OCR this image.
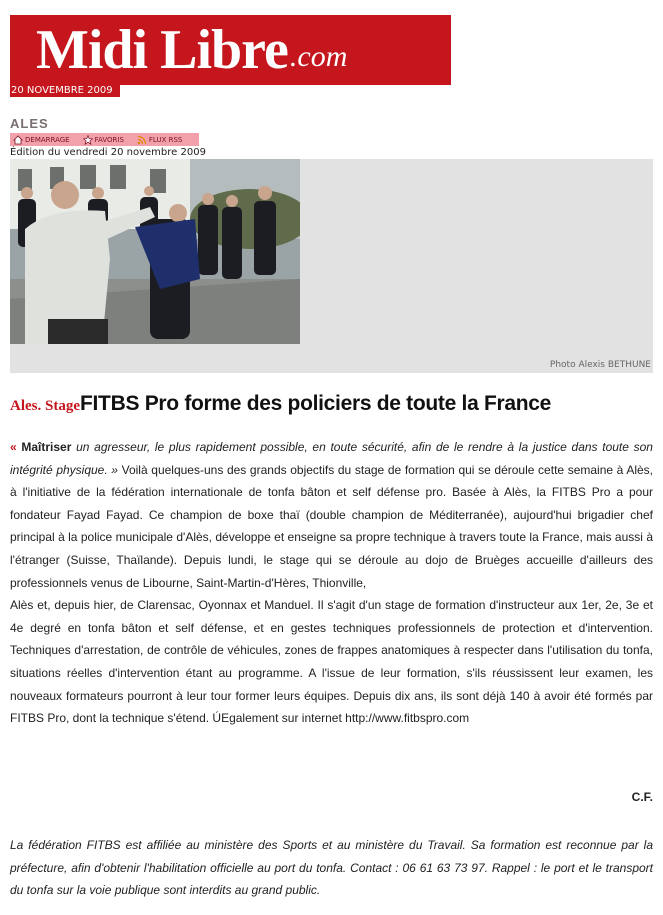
Midi Libre .com
20 NOVEMBRE 2009
ALES
DEMARRAGE	FAVORIS	FLUX RSS
Édition du vendredi 20 novembre 2009
Photo Alexis BETHUNE
Ales. StageFITBS Pro forme des policiers de toute la France

« Maîtriser un agresseur, le plus rapidement possible, en toute sécurité, afin de le rendre à la justice dans toute son intégrité physique. » Voilà quelques-uns des grands objectifs du stage de formation qui se déroule cette semaine à Alès, à l'initiative de la fédération internationale de tonfa bâton et self défense pro. Basée à Alès, la FITBS Pro a pour fondateur Fayad Fayad. Ce champion de boxe thaï (double champion de Méditerranée), aujourd'hui brigadier chef principal à la police municipale d'Alès, développe et enseigne sa propre technique à travers toute la France, mais aussi à l'étranger (Suisse, Thaïlande). Depuis lundi, le stage qui se déroule au dojo de Bruèges accueille d'ailleurs des professionnels venus de Libourne, Saint-Martin-d'Hères, Thionville,

Alès et, depuis hier, de Clarensac, Oyonnax et Manduel. Il s'agit d'un stage de formation d'instructeur aux 1er, 2e, 3e et 4e degré en tonfa bâton et self défense, et en gestes techniques professionnels de protection et d'intervention. Techniques d'arrestation, de contrôle de véhicules, zones de frappes anatomiques à respecter dans l'utilisation du tonfa, situations réelles d'intervention étant au programme. A l'issue de leur formation, s'ils réussissent leur examen, les nouveaux formateurs pourront à leur tour former leurs équipes. Depuis dix ans, ils sont déjà 140 à avoir été formés par FITBS Pro, dont la technique s'étend. ÚEgalement sur internet http://www.fitbspro.com

C.F.
La fédération FITBS est affiliée au ministère des Sports et au ministère du Travail. Sa formation est reconnue par la préfecture, afin d'obtenir l'habilitation officielle au port du tonfa. Contact : 06 61 63 73 97. Rappel : le port et le transport du tonfa sur la voie publique sont interdits au grand public.
